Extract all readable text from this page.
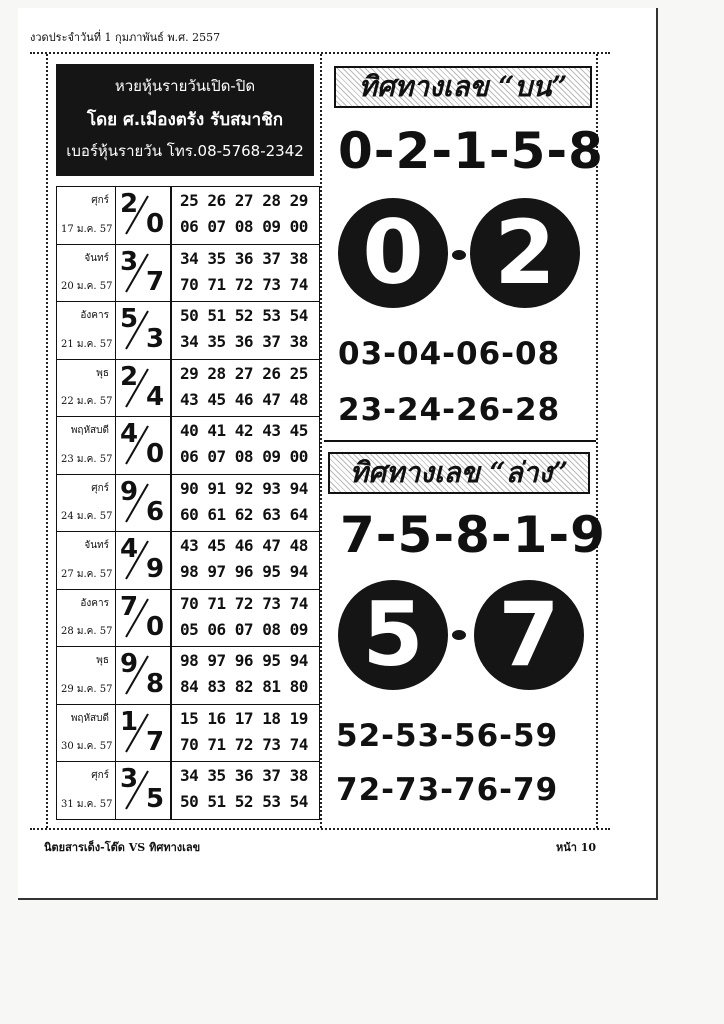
งวดประจำวันที่ 1 กุมภาพันธ์ พ.ศ. 2557
หวยหุ้นรายวันเปิด-ปิด
โดย ศ.เมืองตรัง รับสมาชิก
เบอร์หุ้นรายวัน โทร.08-5768-2342
ศุกร์
17 ม.ค. 57
2
0
25 26 27 28 29
06 07 08 09 00
จันทร์
20 ม.ค. 57
3
7
34 35 36 37 38
70 71 72 73 74
อังคาร
21 ม.ค. 57
5
3
50 51 52 53 54
34 35 36 37 38
พุธ
22 ม.ค. 57
2
4
29 28 27 26 25
43 45 46 47 48
พฤหัสบดี
23 ม.ค. 57
4
0
40 41 42 43 45
06 07 08 09 00
ศุกร์
24 ม.ค. 57
9
6
90 91 92 93 94
60 61 62 63 64
จันทร์
27 ม.ค. 57
4
9
43 45 46 47 48
98 97 96 95 94
อังคาร
28 ม.ค. 57
7
0
70 71 72 73 74
05 06 07 08 09
พุธ
29 ม.ค. 57
9
8
98 97 96 95 94
84 83 82 81 80
พฤหัสบดี
30 ม.ค. 57
1
7
15 16 17 18 19
70 71 72 73 74
ศุกร์
31 ม.ค. 57
3
5
34 35 36 37 38
50 51 52 53 54
ทิศทางเลข “บน”
0-2-1-5-8
0 2
03-04-06-08
23-24-26-28
ทิศทางเลข “ล่าง”
7-5-8-1-9
5 7
52-53-56-59
72-73-76-79
นิตยสารเด็ง-โต๊ด VS ทิศทางเลข	หน้า 10
